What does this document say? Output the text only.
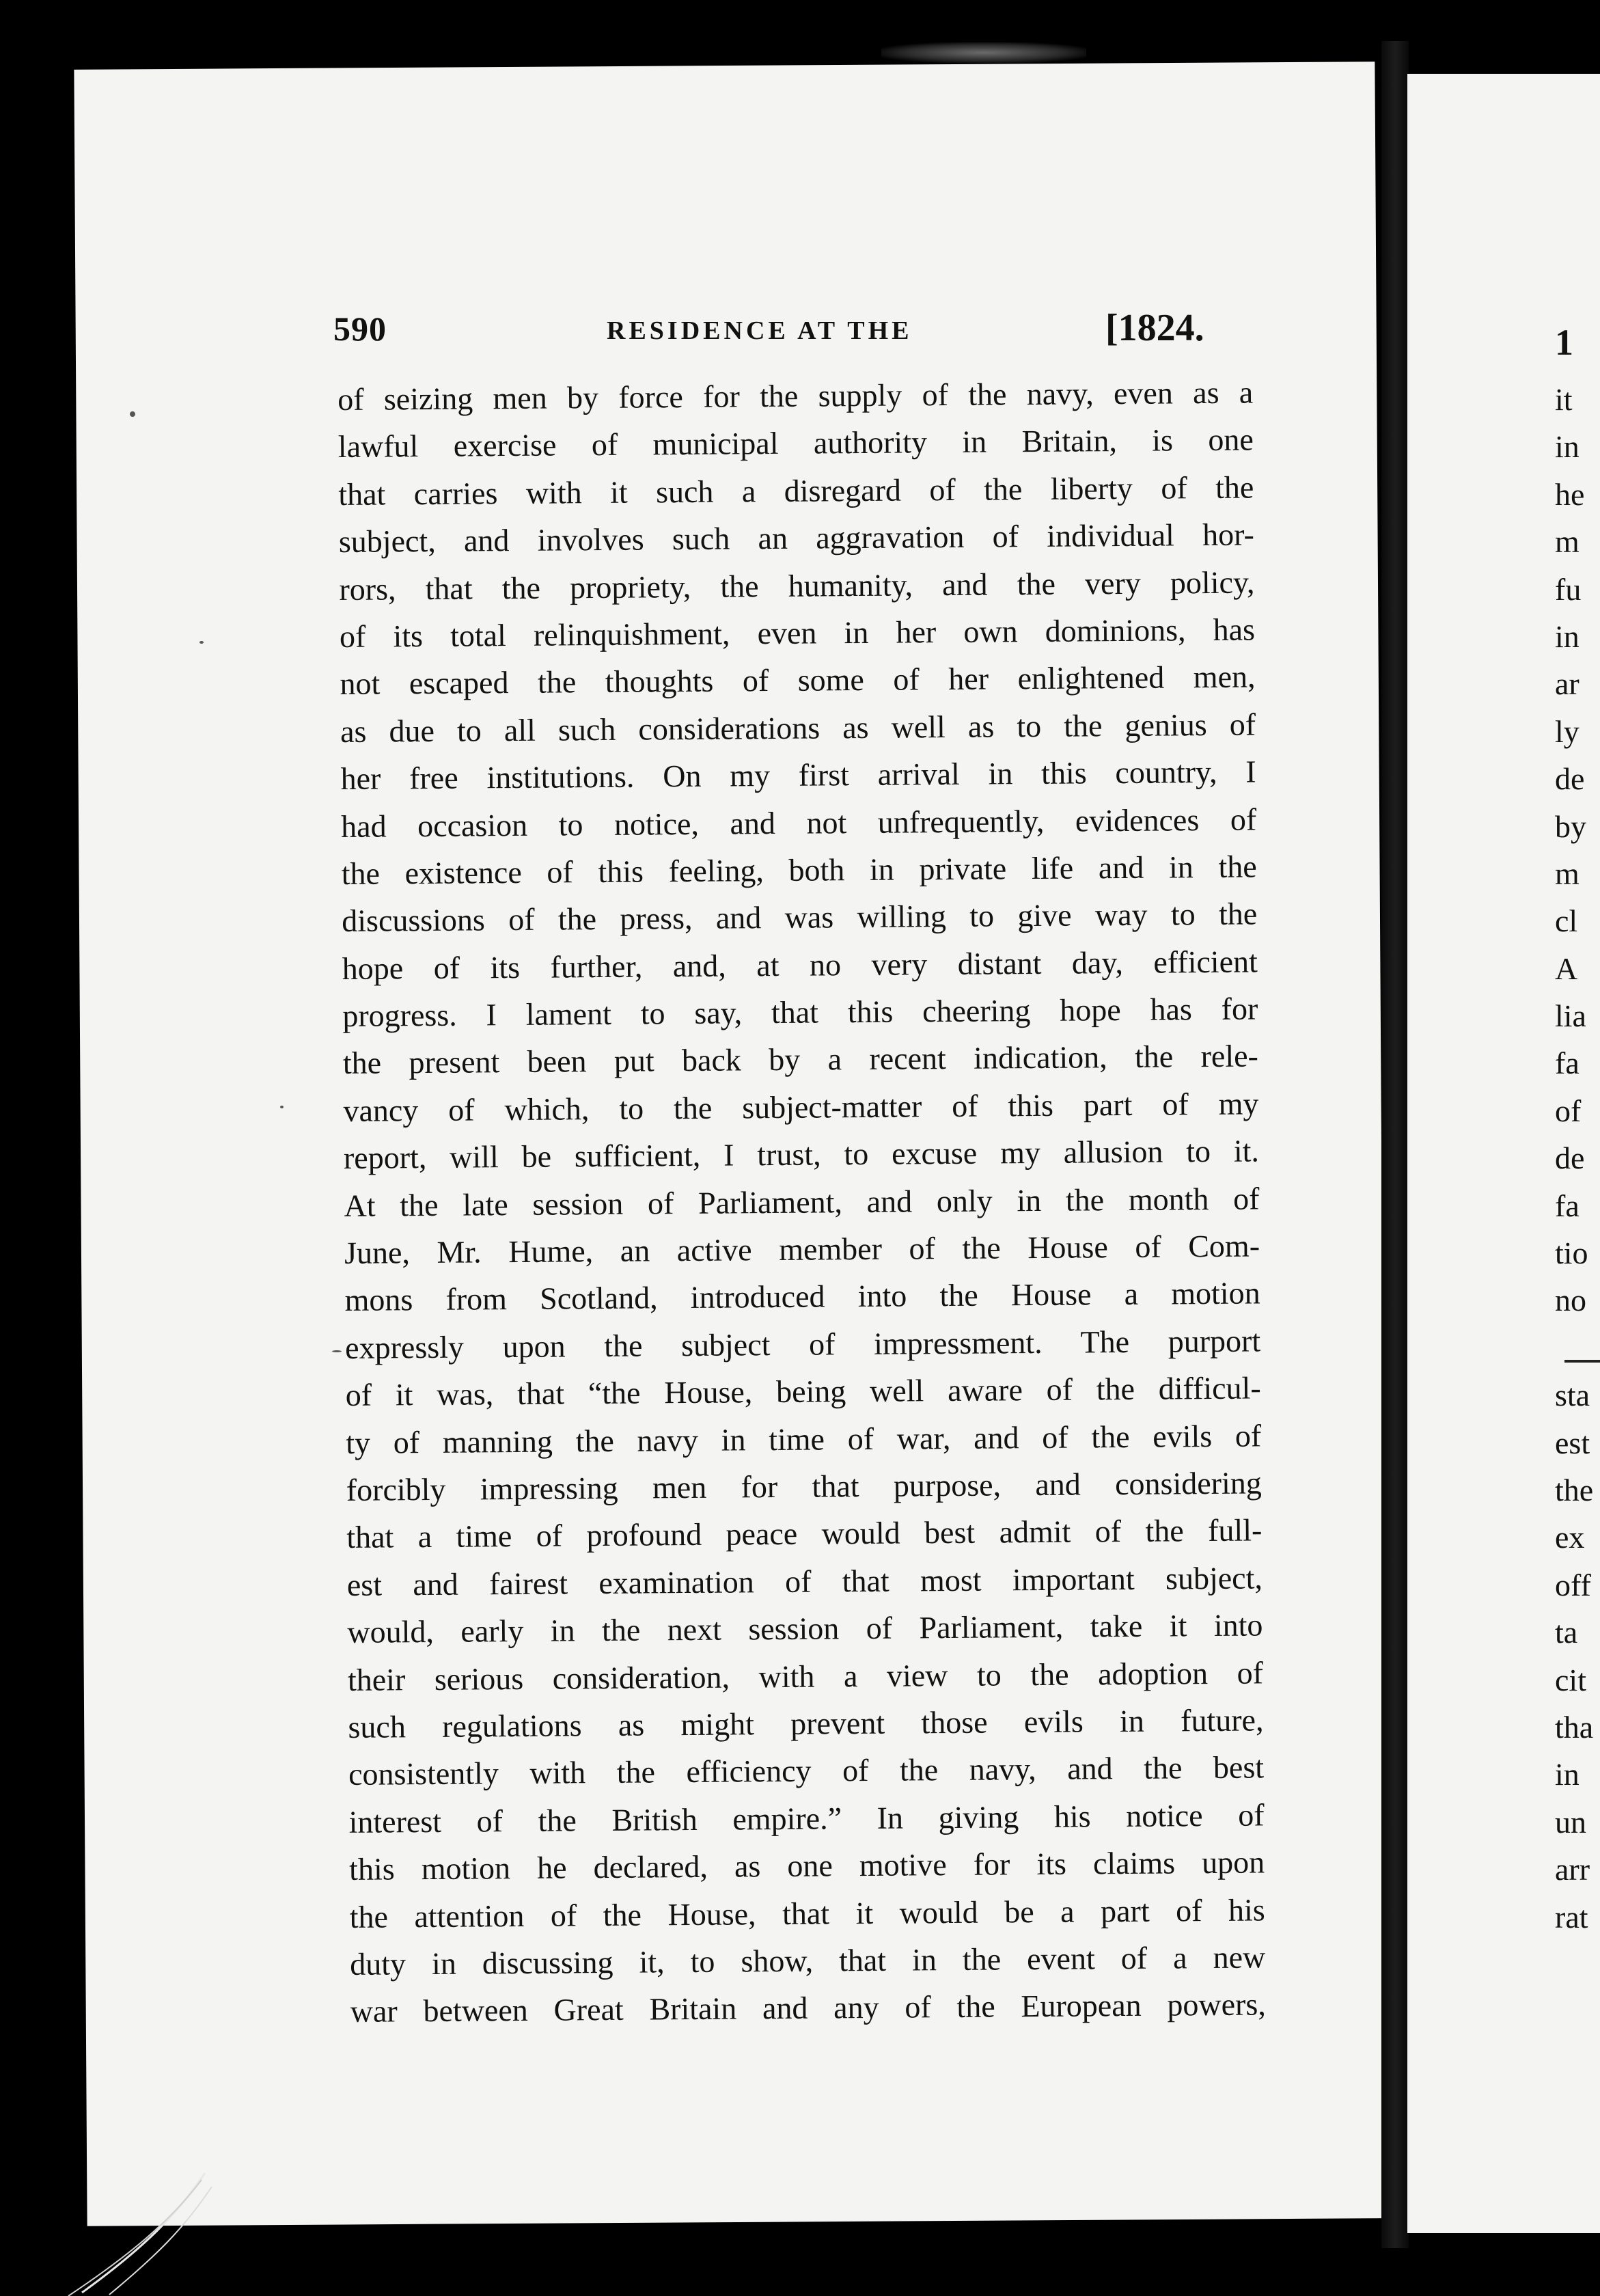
590	RESIDENCE AT THE	[1824.
of seizing men by force for the supply of the navy, even as a
lawful exercise of municipal authority in Britain, is one
that carries with it such a disregard of the liberty of the
subject, and involves such an aggravation of individual hor-
rors, that the propriety, the humanity, and the very policy,
of its total relinquishment, even in her own dominions, has
not escaped the thoughts of some of her enlightened men,
as due to all such considerations as well as to the genius of
her free institutions. On my first arrival in this country, I
had occasion to notice, and not unfrequently, evidences of
the existence of this feeling, both in private life and in the
discussions of the press, and was willing to give way to the
hope of its further, and, at no very distant day, efficient
progress. I lament to say, that this cheering hope has for
the present been put back by a recent indication, the rele-
vancy of which, to the subject-matter of this part of my
report, will be sufficient, I trust, to excuse my allusion to it.
At the late session of Parliament, and only in the month of
June, Mr. Hume, an active member of the House of Com-
mons from Scotland, introduced into the House a motion
expressly upon the subject of impressment. The purport
of it was, that “the House, being well aware of the difficul-
ty of manning the navy in time of war, and of the evils of
forcibly impressing men for that purpose, and considering
that a time of profound peace would best admit of the full-
est and fairest examination of that most important subject,
would, early in the next session of Parliament, take it into
their serious consideration, with a view to the adoption of
such regulations as might prevent those evils in future,
consistently with the efficiency of the navy, and the best
interest of the British empire.” In giving his notice of
this motion he declared, as one motive for its claims upon
the attention of the House, that it would be a part of his
duty in discussing it, to show, that in the event of a new
war between Great Britain and any of the European powers,
1
it
in
he
m
fu
in
ar
ly
de
by
m
cl
A
lia
fa
of
de
fa
tio
no
sta
est
the
ex
off
ta
cit
tha
in
un
arr
rat
